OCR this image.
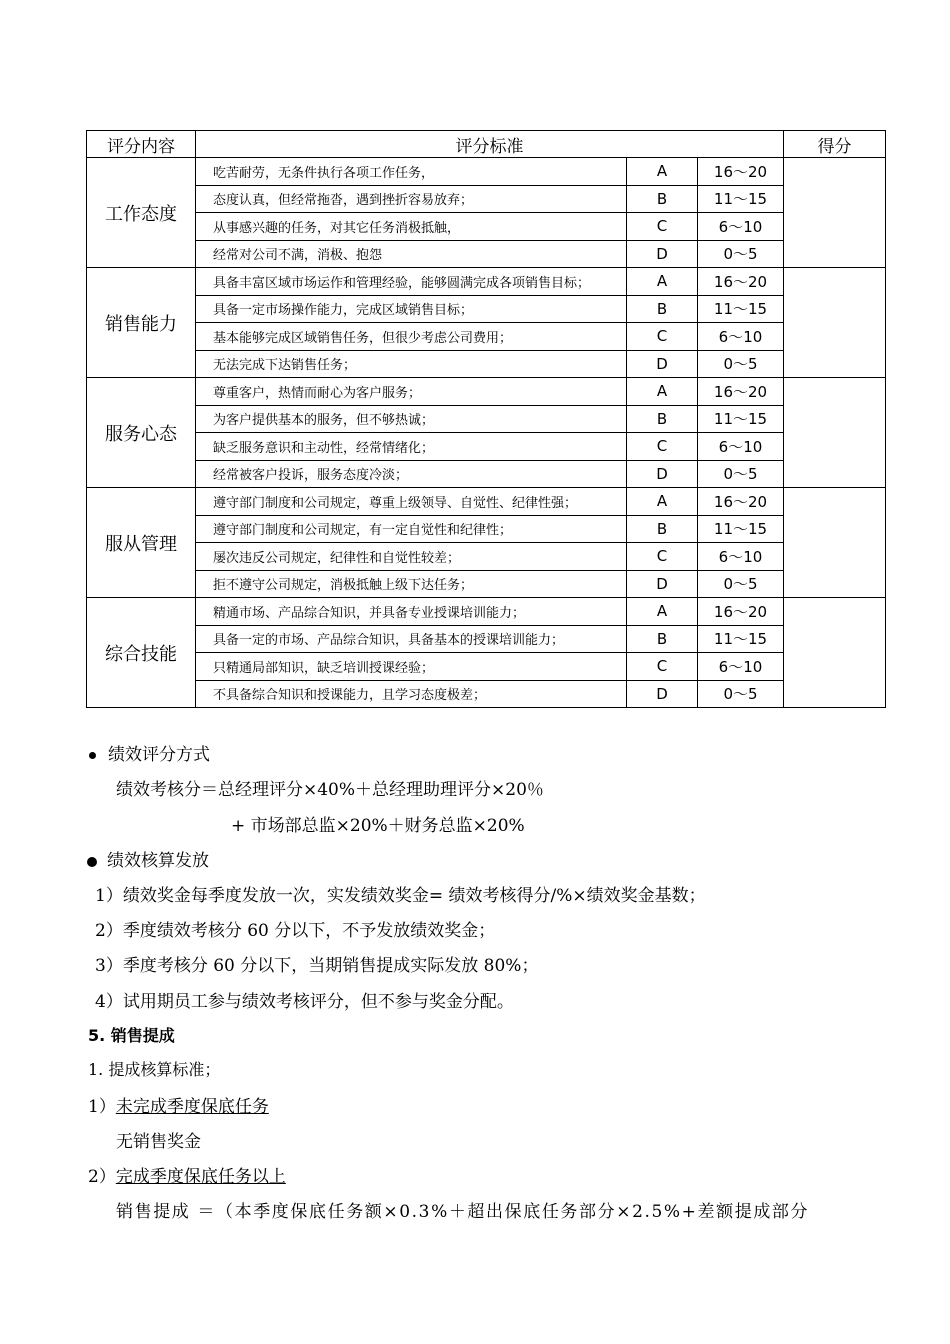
评分内容	评分标准			得分
工作态度	吃苦耐劳，无条件执行各项工作任务，	A	16～20	
	态度认真，但经常拖沓，遇到挫折容易放弃；	B	11～15	
	从事感兴趣的任务，对其它任务消极抵触，	C	6～10	
	经常对公司不满，消极、抱怨	D	0～5	
销售能力	具备丰富区域市场运作和管理经验，能够圆满完成各项销售目标；	A	16～20	
	具备一定市场操作能力，完成区域销售目标；	B	11～15	
	基本能够完成区域销售任务，但很少考虑公司费用；	C	6～10	
	无法完成下达销售任务；	D	0～5	
服务心态	尊重客户，热情而耐心为客户服务；	A	16～20	
	为客户提供基本的服务，但不够热诚；	B	11～15	
	缺乏服务意识和主动性，经常情绪化；	C	6～10	
	经常被客户投诉，服务态度冷淡；	D	0～5	
服从管理	遵守部门制度和公司规定，尊重上级领导、自觉性、纪律性强；	A	16～20	
	遵守部门制度和公司规定，有一定自觉性和纪律性；	B	11～15	
	屡次违反公司规定，纪律性和自觉性较差；	C	6～10	
	拒不遵守公司规定，消极抵触上级下达任务；	D	0～5	
综合技能	精通市场、产品综合知识，并具备专业授课培训能力；	A	16～20	
	具备一定的市场、产品综合知识，具备基本的授课培训能力；	B	11～15	
	只精通局部知识，缺乏培训授课经验；	C	6～10	
	不具备综合知识和授课能力，且学习态度极差；	D	0～5	
绩效评分方式
绩效考核分＝总经理评分×40%＋总经理助理评分×20％
+ 市场部总监×20%＋财务总监×20%
绩效核算发放
1）绩效奖金每季度发放一次，实发绩效奖金= 绩效考核得分/%×绩效奖金基数；
2）季度绩效考核分 60 分以下，不予发放绩效奖金；
3）季度考核分 60 分以下，当期销售提成实际发放 80%；
4）试用期员工参与绩效考核评分，但不参与奖金分配。
5. 销售提成
1. 提成核算标准；
1）未完成季度保底任务
无销售奖金
2）完成季度保底任务以上
销售提成 ＝（本季度保底任务额×0.3%＋超出保底任务部分×2.5%+差额提成部分
